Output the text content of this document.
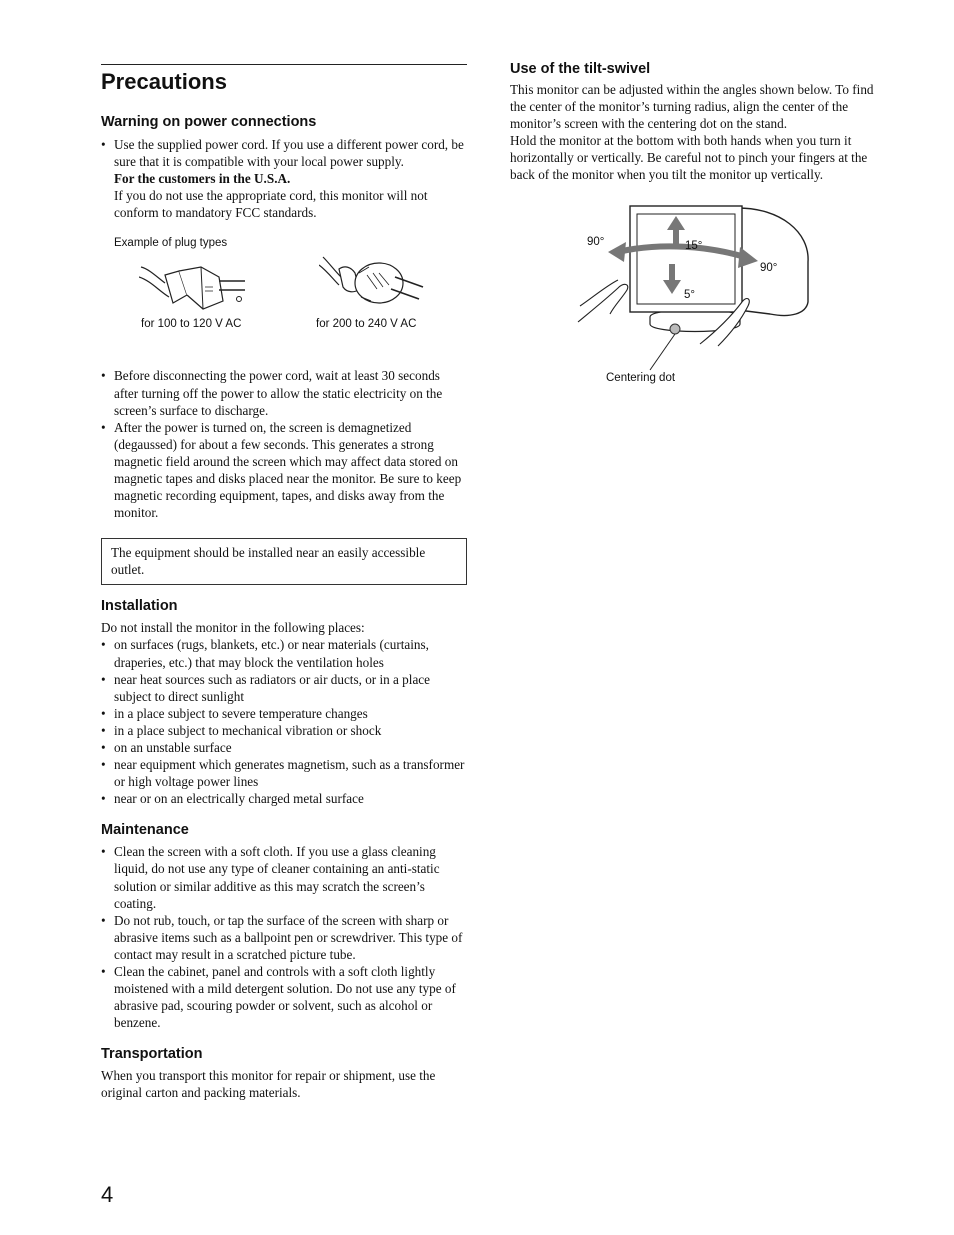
Precautions
Warning on power connections
• Use the supplied power cord. If you use a different power cord, be sure that it is compatible with your local power supply.
For the customers in the U.S.A.
If you do not use the appropriate cord, this monitor will not conform to mandatory FCC standards.
Example of plug types
for 100 to 120 V AC	for 200 to 240 V AC
• Before disconnecting the power cord, wait at least 30 seconds after turning off the power to allow the static electricity on the screen’s surface to discharge.
• After the power is turned on, the screen is demagnetized (degaussed) for about a few seconds. This generates a strong magnetic field around the screen which may affect data stored on magnetic tapes and disks placed near the monitor. Be sure to keep magnetic recording equipment, tapes, and disks away from the monitor.
The equipment should be installed near an easily accessible outlet.
Installation

Do not install the monitor in the following places:

• on surfaces (rugs, blankets, etc.) or near materials (curtains, draperies, etc.) that may block the ventilation holes
• near heat sources such as radiators or air ducts, or in a place subject to direct sunlight
• in a place subject to severe temperature changes
• in a place subject to mechanical vibration or shock
• on an unstable surface
• near equipment which generates magnetism, such as a transformer or high voltage power lines
• near or on an electrically charged metal surface
Maintenance
• Clean the screen with a soft cloth. If you use a glass cleaning liquid, do not use any type of cleaner containing an anti-static solution or similar additive as this may scratch the screen’s coating.
• Do not rub, touch, or tap the surface of the screen with sharp or abrasive items such as a ballpoint pen or screwdriver. This type of contact may result in a scratched picture tube.
• Clean the cabinet, panel and controls with a soft cloth lightly moistened with a mild detergent solution. Do not use any type of abrasive pad, scouring powder or solvent, such as alcohol or benzene.
Transportation

When you transport this monitor for repair or shipment, use the original carton and packing materials.

Use of the tilt-swivel

This monitor can be adjusted within the angles shown below. To find the center of the monitor’s turning radius, align the center of the monitor’s screen with the centering dot on the stand.

Hold the monitor at the bottom with both hands when you turn it horizontally or vertically. Be careful not to pinch your fingers at the back of the monitor when you tilt the monitor up vertically.

90°
90°
15°
5°
Centering dot
4
